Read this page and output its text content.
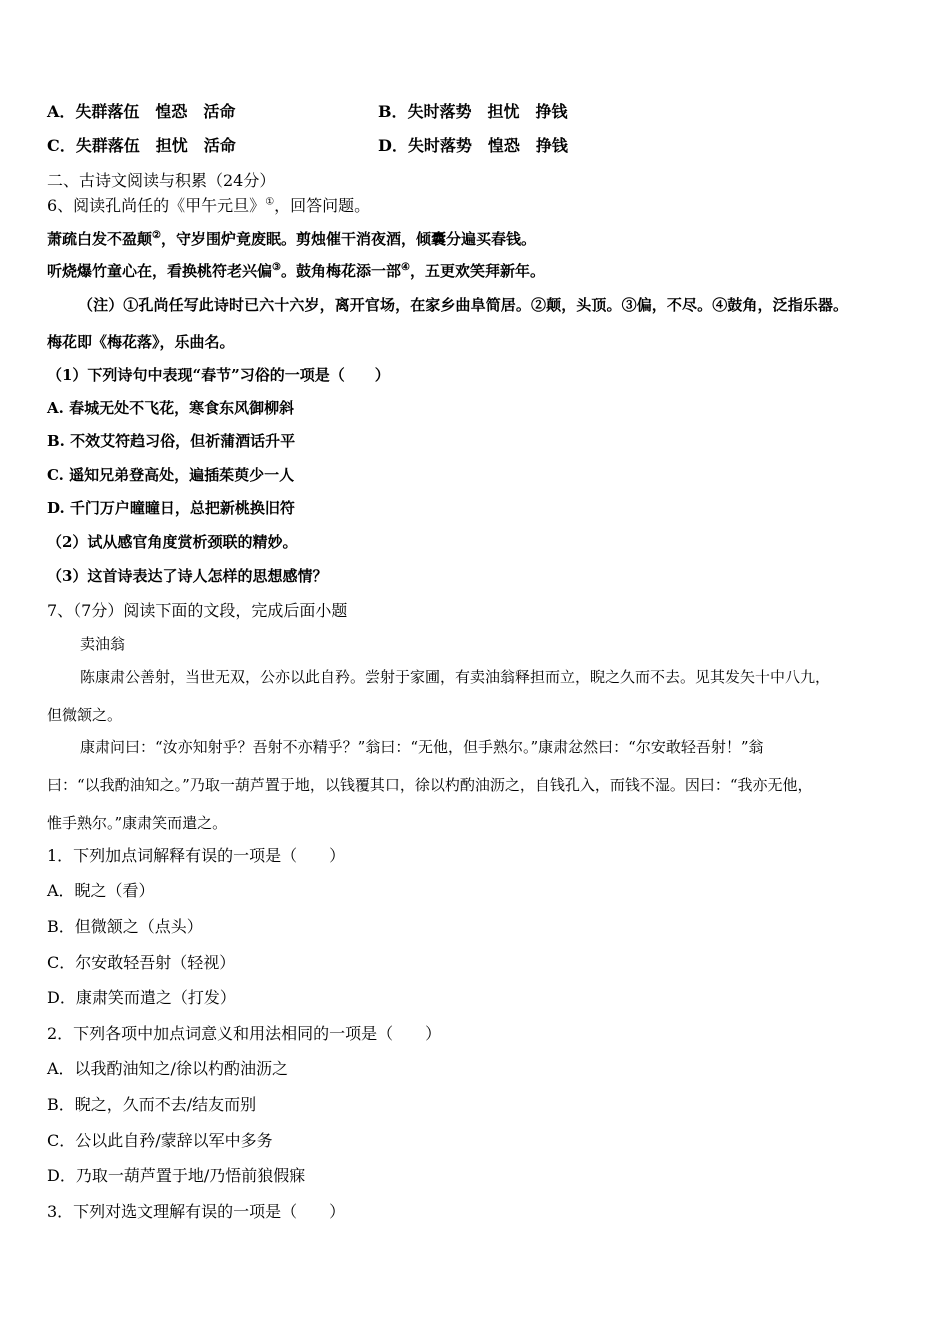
A．失群落伍　惶恐　活命	B．失时落势　担忧　挣钱
C．失群落伍　担忧　活命	D．失时落势　惶恐　挣钱
二、古诗文阅读与积累（24分）
6、阅读孔尚任的《甲午元旦》①，回答问题。
萧疏白发不盈颠②，守岁围炉竟废眠。剪烛催干消夜酒，倾囊分遍买春钱。
听烧爆竹童心在，看换桃符老兴偏③。鼓角梅花添一部④，五更欢笑拜新年。
（注）①孔尚任写此诗时已六十六岁，离开官场，在家乡曲阜简居。②颠，头顶。③偏，不尽。④鼓角，泛指乐器。
梅花即《梅花落》，乐曲名。
（1）下列诗句中表现“春节”习俗的一项是（　　）
A. 春城无处不飞花，寒食东风御柳斜
B. 不效艾符趋习俗，但祈蒲酒话升平
C. 遥知兄弟登高处，遍插茱萸少一人
D. 千门万户曈曈日，总把新桃换旧符
（2）试从感官角度赏析颈联的精妙。
（3）这首诗表达了诗人怎样的思想感情？
7、（7分）阅读下面的文段，完成后面小题
卖油翁
陈康肃公善射，当世无双，公亦以此自矜。尝射于家圃，有卖油翁释担而立，睨之久而不去。见其发矢十中八九，
但微颔之。
康肃问曰：“汝亦知射乎？吾射不亦精乎？”翁曰：“无他，但手熟尔。”康肃忿然曰：“尔安敢轻吾射！”翁
曰：“以我酌油知之。”乃取一葫芦置于地，以钱覆其口，徐以杓酌油沥之，自钱孔入，而钱不湿。因曰：“我亦无他，
惟手熟尔。”康肃笑而遣之。
1．下列加点词解释有误的一项是（　　）
A．睨之（看）
B．但微颔之（点头）
C．尔安敢轻吾射（轻视）
D．康肃笑而遣之（打发）
2．下列各项中加点词意义和用法相同的一项是（　　）
A．以我酌油知之/徐以杓酌油沥之
B．睨之，久而不去/结友而别
C．公以此自矜/蒙辞以军中多务
D．乃取一葫芦置于地/乃悟前狼假寐
3．下列对选文理解有误的一项是（　　）
